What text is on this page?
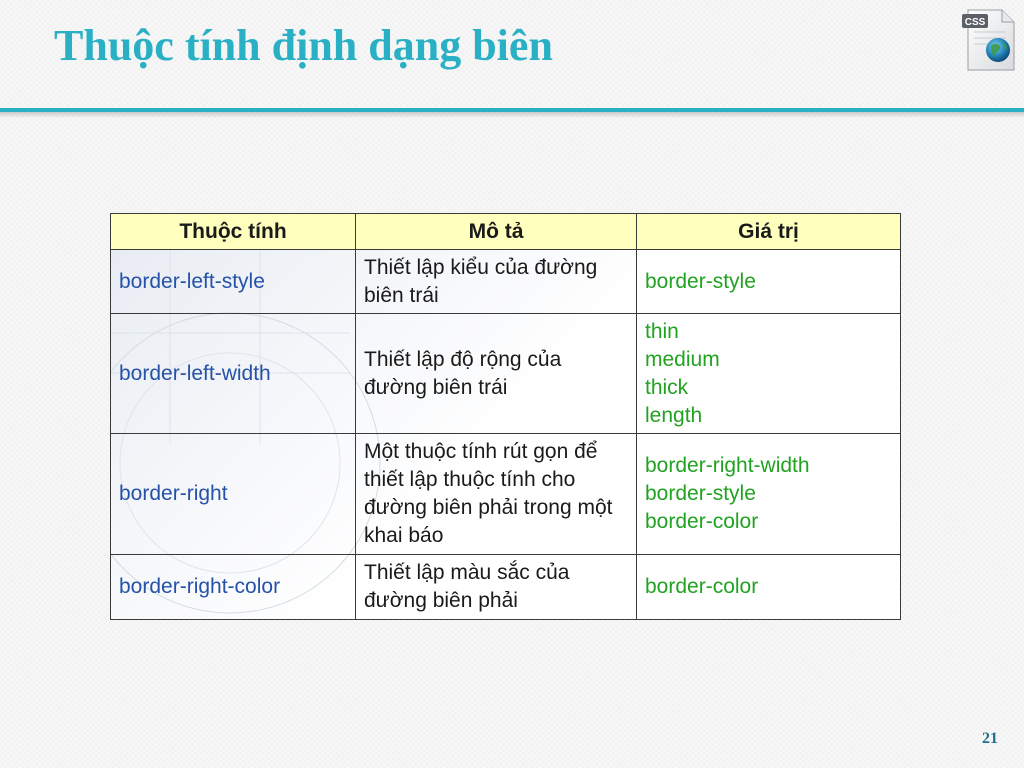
Thuộc tính định dạng biên	CSS
Thuộc tính	Mô tả	Giá trị
border-left-style	Thiết lập kiểu của đường biên trái	border-style

border-left-width	Thiết lập độ rộng của đường biên trái	thin
medium
thick
length

border-right	Một thuộc tính rút gọn để thiết lập thuộc tính cho đường biên phải trong một khai báo	border-right-width
border-style
border-color

border-right-color	Thiết lập màu sắc của đường biên phải	border-color
21
